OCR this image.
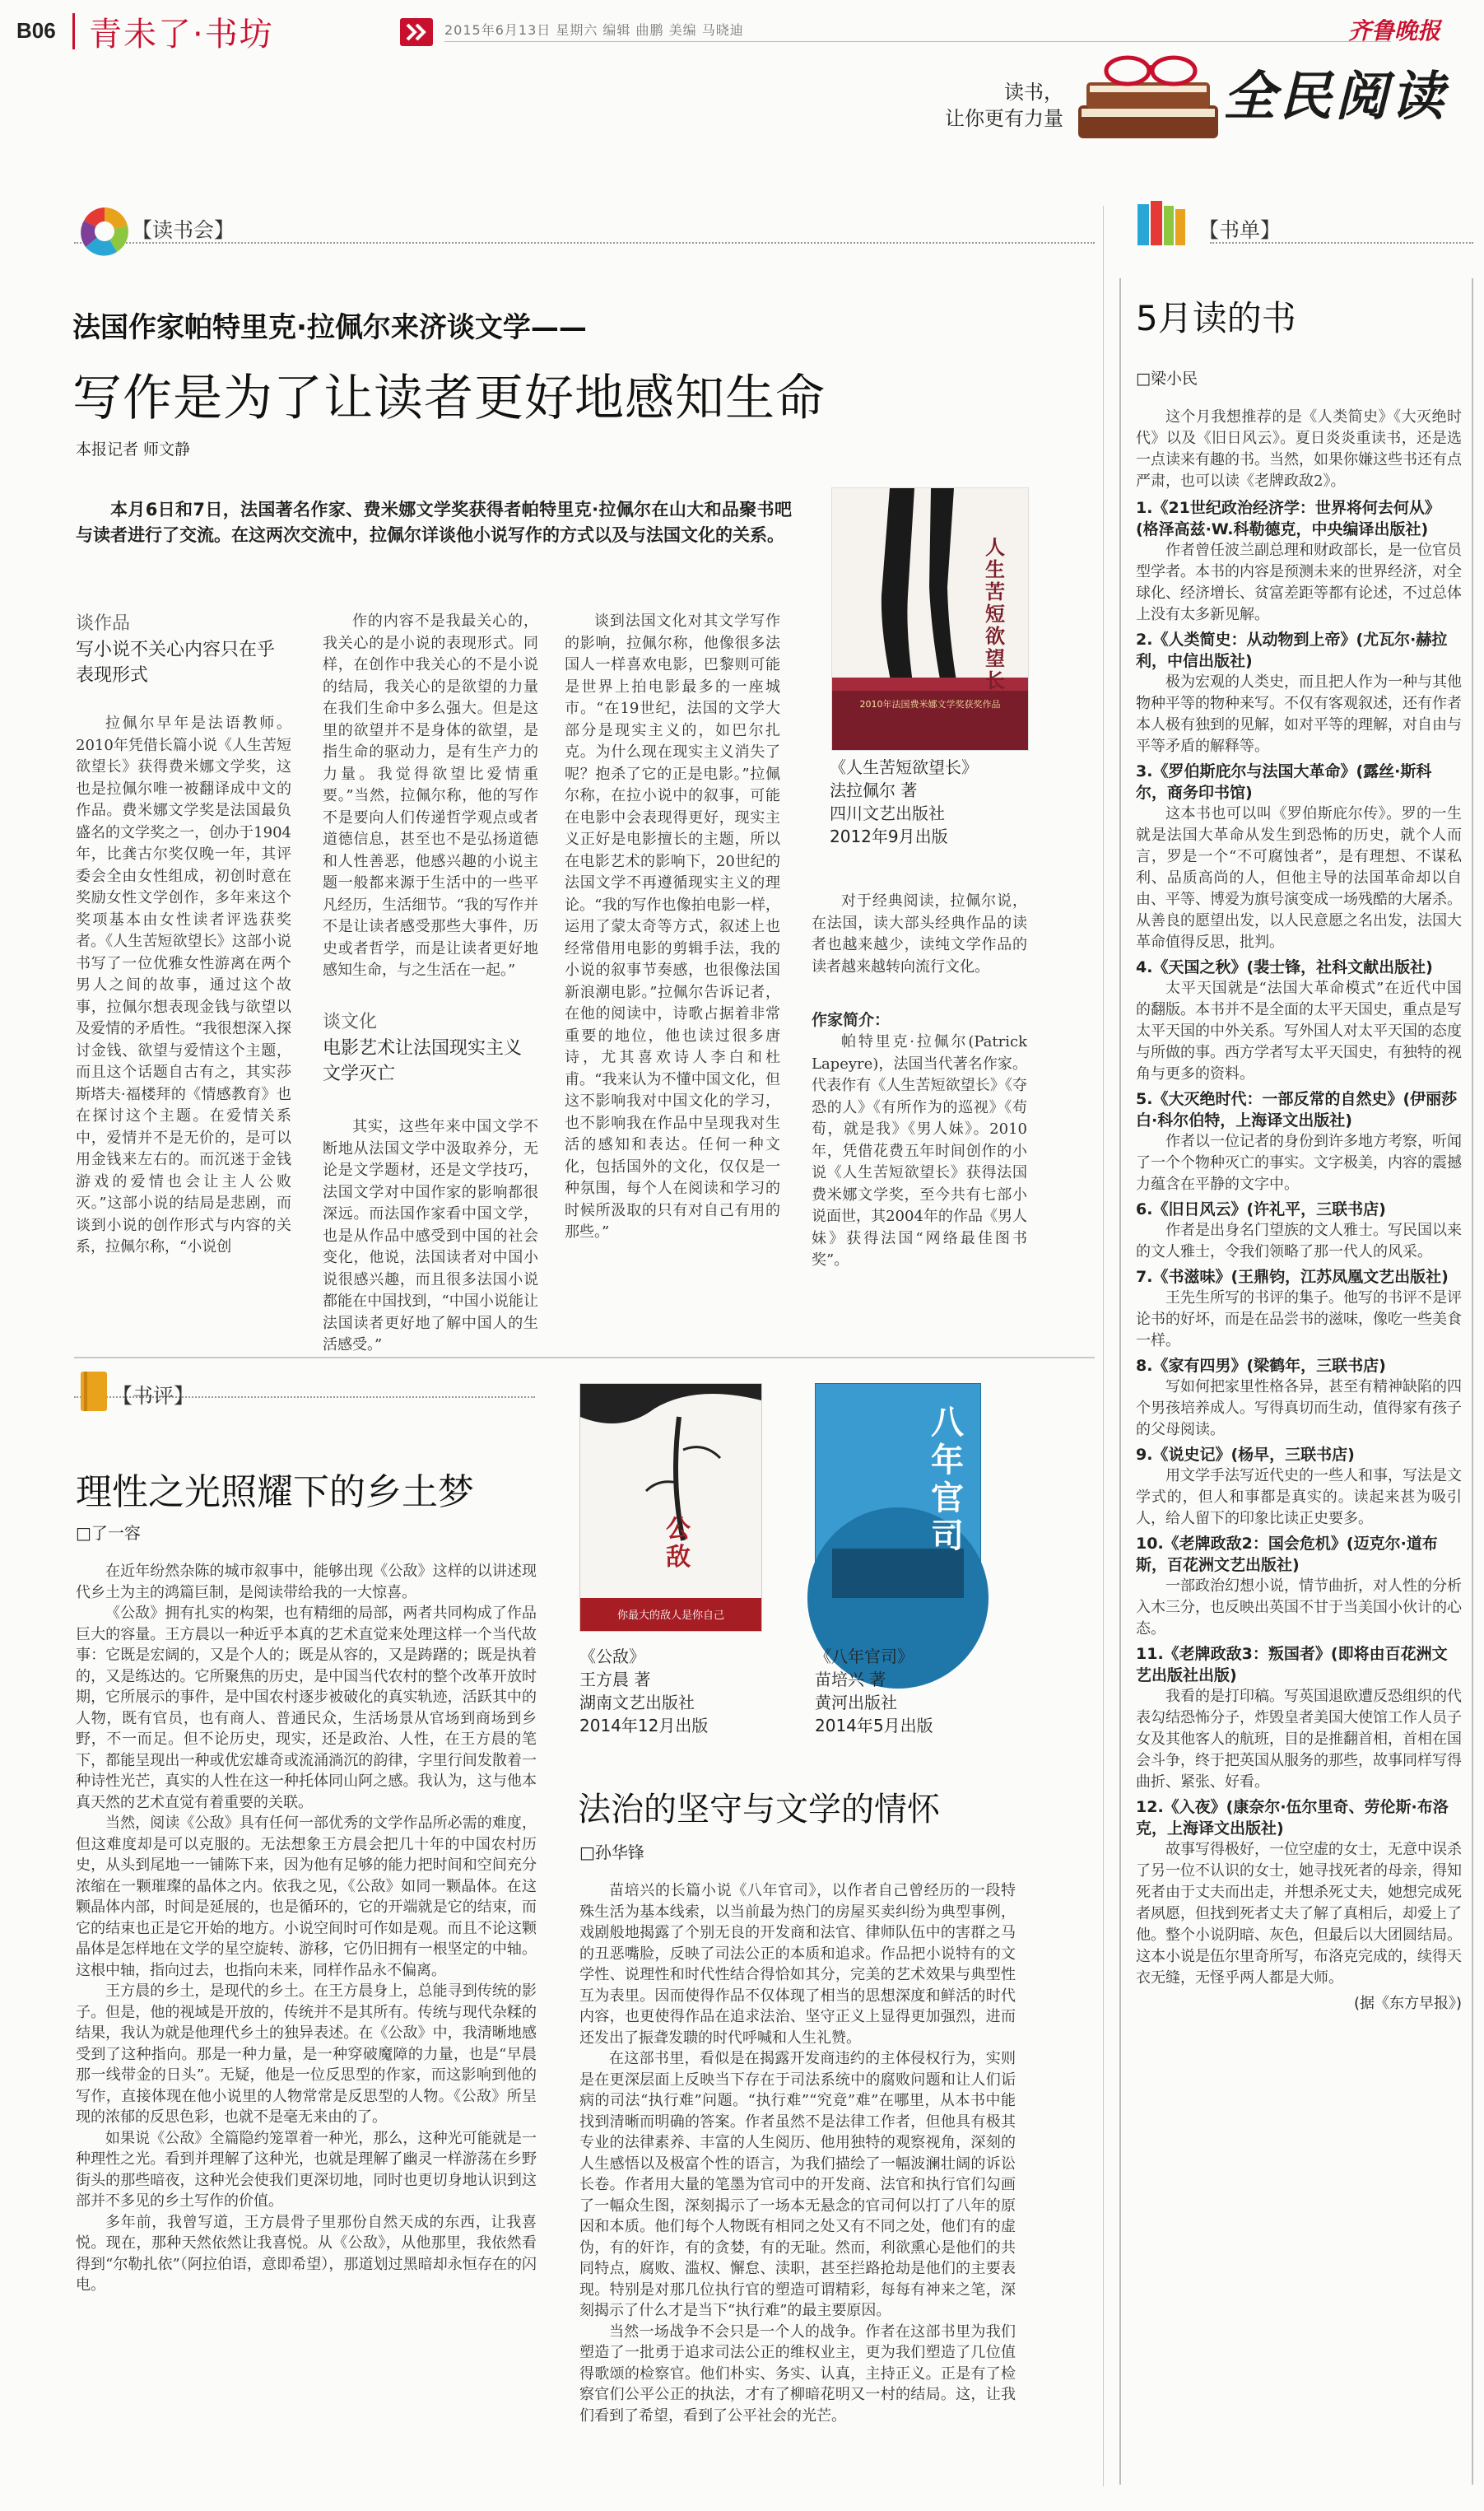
B06 青未了·书坊	2015年6月13日 星期六 编辑 曲鹏 美编 马晓迪	齐鲁晚报
读书，
让你更有力量	全民阅读
【读书会】
法国作家帕特里克·拉佩尔来济谈文学——
写作是为了让读者更好地感知生命
本报记者 师文静
本月6日和7日，法国著名作家、费米娜文学奖获得者帕特里克·拉佩尔在山大和品聚书吧与读者进行了交流。在这两次交流中，拉佩尔详谈他小说写作的方式以及与法国文化的关系。
谈作品
写小说不关心内容只在乎表现形式

拉佩尔早年是法语教师。2010年凭借长篇小说《人生苦短欲望长》获得费米娜文学奖，这也是拉佩尔唯一被翻译成中文的作品。费米娜文学奖是法国最负盛名的文学奖之一，创办于1904年，比龚古尔奖仅晚一年，其评委会全由女性组成，初创时意在奖励女性文学创作，多年来这个奖项基本由女性读者评选获奖者。《人生苦短欲望长》这部小说书写了一位优雅女性游离在两个男人之间的故事，通过这个故事，拉佩尔想表现金钱与欲望以及爱情的矛盾性。“我很想深入探讨金钱、欲望与爱情这个主题，而且这个话题自古有之，其实莎斯塔夫·福楼拜的《情感教育》也在探讨这个主题。在爱情关系中，爱情并不是无价的，是可以用金钱来左右的。而沉迷于金钱游戏的爱情也会让主人公败灭。”这部小说的结局是悲剧，而谈到小说的创作形式与内容的关系，拉佩尔称，“小说创

作的内容不是我最关心的，我关心的是小说的表现形式。同样，在创作中我关心的不是小说的结局，我关心的是欲望的力量在我们生命中多么强大。但是这里的欲望并不是身体的欲望，是指生命的驱动力，是有生产力的力量。我觉得欲望比爱情重要。”当然，拉佩尔称，他的写作不是要向人们传递哲学观点或者道德信息，甚至也不是弘扬道德和人性善恶，他感兴趣的小说主题一般都来源于生活中的一些平凡经历，生活细节。“我的写作并不是让读者感受那些大事件，历史或者哲学，而是让读者更好地感知生命，与之生活在一起。”

谈文化
电影艺术让法国现实主义文学灭亡

其实，这些年来中国文学不断地从法国文学中汲取养分，无论是文学题材，还是文学技巧，法国文学对中国作家的影响都很深远。而法国作家看中国文学，也是从作品中感受到中国的社会变化，他说，法国读者对中国小说很感兴趣，而且很多法国小说都能在中国找到，“中国小说能让法国读者更好地了解中国人的生活感受。”

谈到法国文化对其文学写作的影响，拉佩尔称，他像很多法国人一样喜欢电影，巴黎则可能是世界上拍电影最多的一座城市。“在19世纪，法国的文学大部分是现实主义的，如巴尔扎克。为什么现在现实主义消失了呢？抱杀了它的正是电影。”拉佩尔称，在拉小说中的叙事，可能在电影中会表现得更好，现实主义正好是电影擅长的主题，所以在电影艺术的影响下，20世纪的法国文学不再遵循现实主义的理论。“我的写作也像拍电影一样，运用了蒙太奇等方式，叙述上也经常借用电影的剪辑手法，我的小说的叙事节奏感，也很像法国新浪潮电影。”拉佩尔告诉记者，在他的阅读中，诗歌占据着非常重要的地位，他也读过很多唐诗，尤其喜欢诗人李白和杜甫。“我来认为不懂中国文化，但这不影响我对中国文化的学习，也不影响我在作品中呈现我对生活的感知和表达。任何一种文化，包括国外的文化，仅仅是一种氛围，每个人在阅读和学习的时候所汲取的只有对自己有用的那些。”

人生苦短欲望长
2010年法国费米娜文学奖获奖作品
《人生苦短欲望长》
法拉佩尔 著
四川文艺出版社
2012年9月出版

对于经典阅读，拉佩尔说，在法国，读大部头经典作品的读者也越来越少，读纯文学作品的读者越来越转向流行文化。

作家简介：

帕特里克·拉佩尔(Patrick Lapeyre)，法国当代著名作家。代表作有《人生苦短欲望长》《夺恐的人》《有所作为的巡视》《苟荀，就是我》《男人妹》。2010年，凭借花费五年时间创作的小说《人生苦短欲望长》获得法国费米娜文学奖，至今共有七部小说面世，其2004年的作品《男人妹》获得法国“网络最佳图书奖”。

【书评】
理性之光照耀下的乡土梦
□了一容

在近年纷然杂陈的城市叙事中，能够出现《公敌》这样的以讲述现代乡土为主的鸿篇巨制，是阅读带给我的一大惊喜。

《公敌》拥有扎实的构架，也有精细的局部，两者共同构成了作品巨大的容量。王方晨以一种近乎本真的艺术直觉来处理这样一个当代故事：它既是宏阔的，又是个人的；既是从容的，又是踌躇的；既是执着的，又是练达的。它所聚焦的历史，是中国当代农村的整个改革开放时期，它所展示的事件，是中国农村逐步被破化的真实轨迹，活跃其中的人物，既有官员，也有商人、普通民众，生活场景从官场到商场到乡野，不一而足。但不论历史，现实，还是政治、人性，在王方晨的笔下，都能呈现出一种或优宏雄奇或流涌淌沉的韵律，字里行间发散着一种诗性光芒，真实的人性在这一种托体同山阿之感。我认为，这与他本真天然的艺术直觉有着重要的关联。

当然，阅读《公敌》具有任何一部优秀的文学作品所必需的难度，但这难度却是可以克服的。无法想象王方晨会把几十年的中国农村历史，从头到尾地一一铺陈下来，因为他有足够的能力把时间和空间充分浓缩在一颗璀璨的晶体之内。依我之见，《公敌》如同一颗晶体。在这颗晶体内部，时间是延展的，也是循环的，它的开端就是它的结束，而它的结束也正是它开始的地方。小说空间时可作如是观。而且不论这颗晶体是怎样地在文学的星空旋转、游移，它仍旧拥有一根坚定的中轴。这根中轴，指向过去，也指向未来，同样作品永不偏离。

王方晨的乡土，是现代的乡土。在王方晨身上，总能寻到传统的影子。但是，他的视域是开放的，传统并不是其所有。传统与现代杂糅的结果，我认为就是他理代乡土的独异表述。在《公敌》中，我清晰地感受到了这种指向。那是一种力量，是一种穿破魔障的力量，也是“早晨那一线带金的日头”。无疑，他是一位反思型的作家，而这影响到他的写作，直接体现在他小说里的人物常常是反思型的人物。《公敌》所呈现的浓郁的反思色彩，也就不是毫无来由的了。

如果说《公敌》全篇隐约笼罩着一种光，那么，这种光可能就是一种理性之光。看到并理解了这种光，也就是理解了幽灵一样游荡在乡野街头的那些暗夜，这种光会使我们更深切地，同时也更切身地认识到这部并不多见的乡土写作的价值。

多年前，我曾写道，王方晨骨子里那份自然天成的东西，让我喜悦。现在，那种天然依然让我喜悦。从《公敌》，从他那里，我依然看得到“尔勒扎依”（阿拉伯语，意即希望），那道划过黑暗却永恒存在的闪电。

公敌
你最大的敌人是你自己
八年官司
《公敌》
王方晨 著
湖南文艺出版社
2014年12月出版
《八年官司》
苗培兴 著
黄河出版社
2014年5月出版
法治的坚守与文学的情怀
□孙华锋

苗培兴的长篇小说《八年官司》，以作者自己曾经历的一段特殊生活为基本线索，以当前最为热门的房屋买卖纠纷为典型事例，戏剧般地揭露了个别无良的开发商和法官、律师队伍中的害群之马的丑恶嘴脸，反映了司法公正的本质和追求。作品把小说特有的文学性、说理性和时代性结合得恰如其分，完美的艺术效果与典型性互为表里。因而使得作品不仅体现了相当的思想深度和鲜活的时代内容，也更使得作品在追求法治、坚守正义上显得更加强烈，进而还发出了振聋发聩的时代呼喊和人生礼赞。

在这部书里，看似是在揭露开发商违约的主体侵权行为，实则是在更深层面上反映当下存在于司法系统中的腐败问题和让人们诟病的司法“执行难”问题。“执行难”“究竟”难”在哪里，从本书中能找到清晰而明确的答案。作者虽然不是法律工作者，但他具有极其专业的法律素养、丰富的人生阅历、他用独特的观察视角，深刻的人生感悟以及极富个性的语言，为我们描绘了一幅波澜壮阔的诉讼长卷。作者用大量的笔墨为官司中的开发商、法官和执行官们勾画了一幅众生图，深刻揭示了一场本无悬念的官司何以打了八年的原因和本质。他们每个人物既有相同之处又有不同之处，他们有的虚伪，有的奸诈，有的贪婪，有的无耻。然而，利欲熏心是他们的共同特点，腐败、滥权、懈怠、渎职，甚至拦路抢劫是他们的主要表现。特别是对那几位执行官的塑造可谓精彩，每每有神来之笔，深刻揭示了什么才是当下“执行难”的最主要原因。

当然一场战争不会只是一个人的战争。作者在这部书里为我们塑造了一批勇于追求司法公正的维权业主，更为我们塑造了几位值得歌颂的检察官。他们朴实、务实、认真，主持正义。正是有了检察官们公平公正的执法，才有了柳暗花明又一村的结局。这，让我们看到了希望，看到了公平社会的光芒。

【书单】
5月读的书
□梁小民

这个月我想推荐的是《人类简史》《大灭绝时代》以及《旧日风云》。夏日炎炎重读书，还是选一点读来有趣的书。当然，如果你嫌这些书还有点严肃，也可以读《老牌政敌2》。

1.《21世纪政治经济学：世界将何去何从》(格泽高兹·W.科勒德克，中央编译出版社)
作者曾任波兰副总理和财政部长，是一位官员型学者。本书的内容是预测未来的世界经济，对全球化、经济增长、贫富差距等都有论述，不过总体上没有太多新见解。
2.《人类简史：从动物到上帝》(尤瓦尔·赫拉利，中信出版社)
极为宏观的人类史，而且把人作为一种与其他物种平等的物种来写。不仅有客观叙述，还有作者本人极有独到的见解，如对平等的理解，对自由与平等矛盾的解释等。
3.《罗伯斯庇尔与法国大革命》(露丝·斯科尔，商务印书馆)
这本书也可以叫《罗伯斯庇尔传》。罗的一生就是法国大革命从发生到恐怖的历史，就个人而言，罗是一个“不可腐蚀者”，是有理想、不谋私利、品质高尚的人，但他主导的法国革命却以自由、平等、博爱为旗号演变成一场残酷的大屠杀。从善良的愿望出发，以人民意愿之名出发，法国大革命值得反思，批判。
4.《天国之秋》(裴士锋，社科文献出版社)
太平天国就是“法国大革命模式”在近代中国的翻版。本书并不是全面的太平天国史，重点是写太平天国的中外关系。写外国人对太平天国的态度与所做的事。西方学者写太平天国史，有独特的视角与更多的资料。
5.《大灭绝时代：一部反常的自然史》(伊丽莎白·科尔伯特，上海译文出版社)
作者以一位记者的身份到许多地方考察，听闻了一个个物种灭亡的事实。文字极美，内容的震撼力蕴含在平静的文字中。
6.《旧日风云》(许礼平，三联书店)
作者是出身名门望族的文人雅士。写民国以来的文人雅士，令我们领略了那一代人的风采。
7.《书滋味》(王鼎钧，江苏凤凰文艺出版社)
王先生所写的书评的集子。他写的书评不是评论书的好坏，而是在品尝书的滋味，像吃一些美食一样。
8.《家有四男》(梁鹤年，三联书店)
写如何把家里性格各异，甚至有精神缺陷的四个男孩培养成人。写得真切而生动，值得家有孩子的父母阅读。
9.《说史记》(杨早，三联书店)
用文学手法写近代史的一些人和事，写法是文学式的，但人和事都是真实的。读起来甚为吸引人，给人留下的印象比读正史要多。
10.《老牌政敌2：国会危机》(迈克尔·道布斯，百花洲文艺出版社)
一部政治幻想小说，情节曲折，对人性的分析入木三分，也反映出英国不甘于当美国小伙计的心态。
11.《老牌政敌3：叛国者》(即将由百花洲文艺出版社出版)
我看的是打印稿。写英国退欧遭反恐组织的代表勾结恐怖分子，炸毁皇者美国大使馆工作人员子女及其他客人的航班，目的是推翻首相，首相在国会斗争，终于把英国从服务的那些，故事同样写得曲折、紧张、好看。
12.《入夜》(康奈尔·伍尔里奇、劳伦斯·布洛克，上海译文出版社)
故事写得极好，一位空虚的女士，无意中误杀了另一位不认识的女士，她寻找死者的母亲，得知死者由于丈夫而出走，并想杀死丈夫，她想完成死者夙愿，但找到死者丈夫了解了真相后，却爱上了他。整个小说阴暗、灰色，但最后以大团圆结局。这本小说是伍尔里奇所写，布洛克完成的，续得天衣无缝，无怪乎两人都是大师。
(据《东方早报》)
